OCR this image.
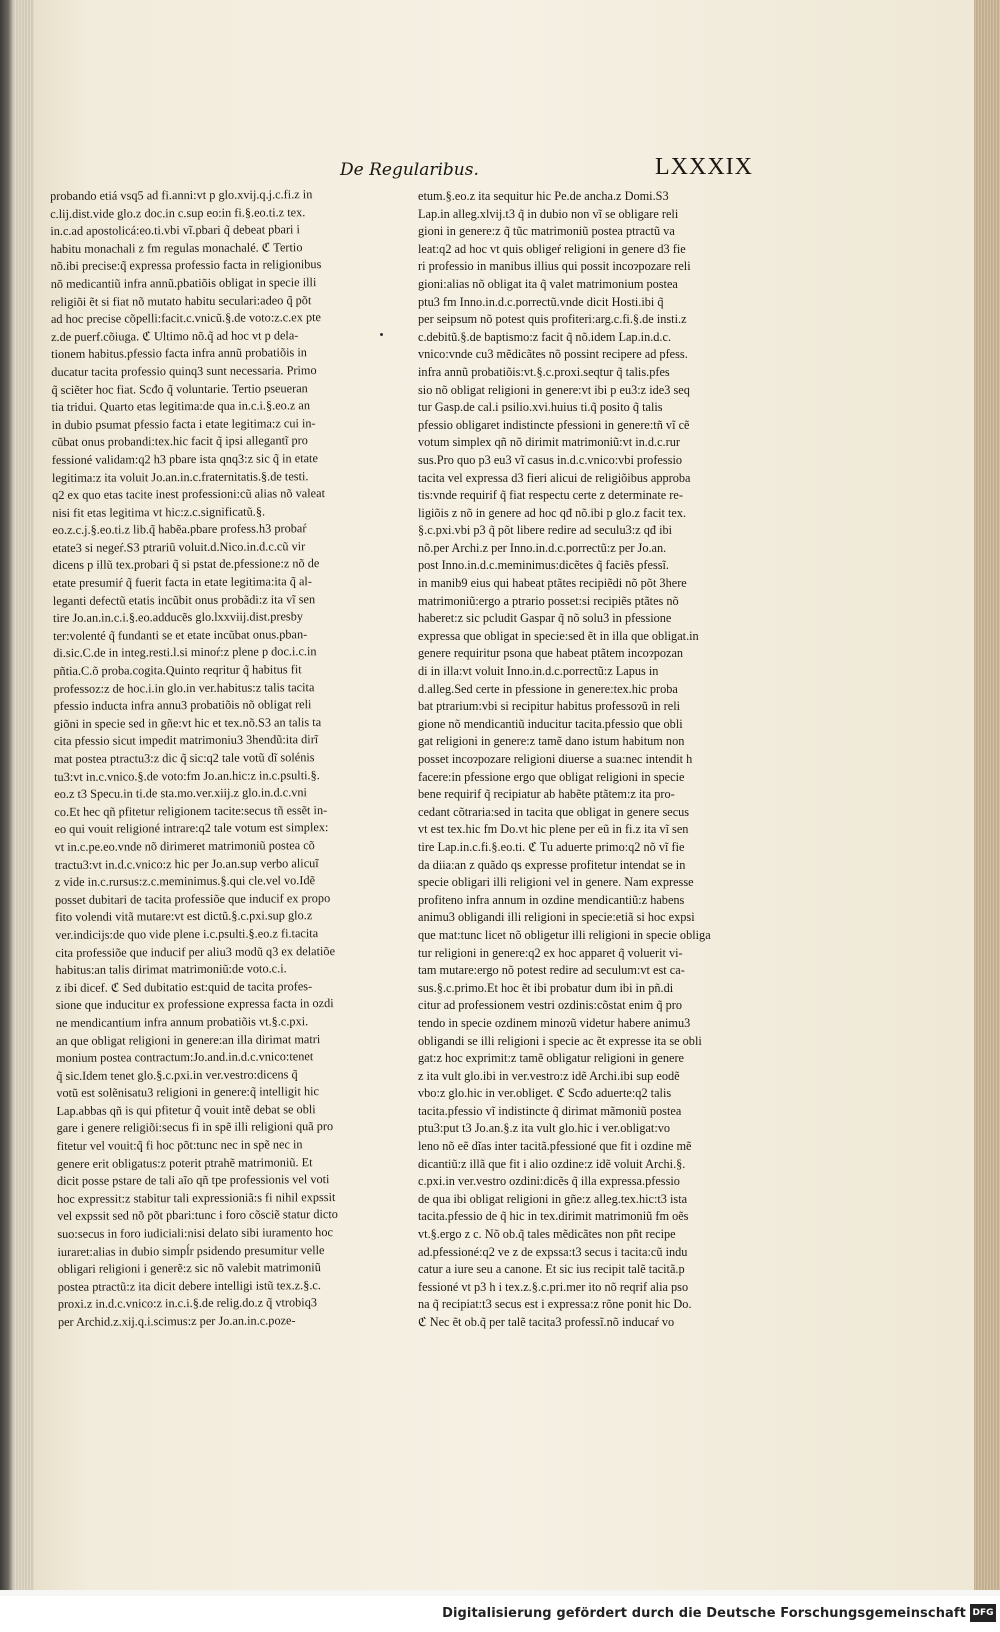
De Regularibus.	LXXXIX
probando etiá vsq5 ad fi.anni:vt p glo.xvij.q.j.c.fi.z in
c.lij.dist.vide glo.z doc.in c.sup eo:in fi.§.eo.ti.z tex.
in.c.ad apostolicá:eo.ti.vbi vĩ.pbari q̃ debeat pbari i
habitu monachali z fm regulas monachalé. ℭ Tertio
nõ.ibi precise:q̃ expressa professio facta in religionibus
nõ medicantiũ infra annũ.pbatiõis obligat in specie illi
religiõi ẽt si fiat nõ mutato habitu seculari:adeo q̃ põt
ad hoc precise cõpelli:facit.c.vnicũ.§.de voto:z.c.ex pte
z.de puerf.cõiuga. ℭ Ultimo nõ.q̃ ad hoc vt p dela-
tionem habitus.pfessio facta infra annũ probatiõis in
ducatur tacita professio quinq3 sunt necessaria. Primo
q̃ sciẽter hoc fiat. Scđo q̃ voluntarie. Tertio pseueran
tia tridui. Quarto etas legitima:de qua in.c.i.§.eo.z an
in dubio psumat pfessio facta i etate legitima:z cui in-
cũbat onus probandi:tex.hic facit q̃ ipsi allegantĩ pro
fessioné validam:q2 h3 pbare ista qnq3:z sic q̃ in etate
legitima:z ita voluit Jo.an.in.c.fraternitatis.§.de testi.
q2 ex quo etas tacite inest professioni:cũ alias nõ valeat
nisi fit etas legitima vt hic:z.c.significatũ.§.
eo.z.c.j.§.eo.ti.z lib.q̃ habẽa.pbare profess.h3 probaŕ
etate3 si negeŕ.S3 ptrariũ voluit.d.Nico.in.d.c.cũ vir
dicens p illũ tex.probari q̃ si pstat de.pfessione:z nõ de
etate presumiŕ q̃ fuerit facta in etate legitima:ita q̃ al-
leganti defectũ etatis incũbit onus probãdi:z ita vĩ sen
tire Jo.an.in.c.i.§.eo.adducẽs glo.lxxviij.dist.presby
ter:volenté q̃ fundanti se et etate incũbat onus.pban-
di.sic.C.de in integ.resti.l.si minoŕ:z plene p doc.i.c.in
pñtia.C.õ proba.cogita.Quinto reqritur q̃ habitus fit
professoz:z de hoc.i.in glo.in ver.habitus:z talis tacita
pfessio inducta infra annu3 probatiõis nõ obligat reli
giõni in specie sed in gñe:vt hic et tex.nõ.S3 an talis ta
cita pfessio sicut impedit matrimoniu3 3hendũ:ita dirĩ
mat postea ptractu3:z dic q̃ sic:q2 tale votũ dĩ solénis
tu3:vt in.c.vnico.§.de voto:fm Jo.an.hic:z in.c.psulti.§.
eo.z t3 Specu.in ti.de sta.mo.ver.xiij.z glo.in.d.c.vni
co.Et hec qñ pfitetur religionem tacite:secus tñ essẽt in-
eo qui vouit religioné intrare:q2 tale votum est simplex:
vt in.c.pe.eo.vnde nõ dirimeret matrimoniũ postea cõ
tractu3:vt in.d.c.vnico:z hic per Jo.an.sup verbo alicuĩ
z vide in.c.rursus:z.c.meminimus.§.qui cle.vel vo.Idẽ
posset dubitari de tacita professiõe que inducif ex propo
fito volendi vitã mutare:vt est dictũ.§.c.pxi.sup glo.z
ver.indicijs:de quo vide plene i.c.psulti.§.eo.z fi.tacita
cita professiõe que inducif per aliu3 modũ q3 ex delatiõe
habitus:an talis dirimat matrimoniũ:de voto.c.i.
z ibi dicef. ℭ Sed dubitatio est:quid de tacita profes-
sione que inducitur ex professione expressa facta in ozdi
ne mendicantium infra annum probatiõis vt.§.c.pxi.
an que obligat religioni in genere:an illa dirimat matri
monium postea contractum:Jo.and.in.d.c.vnico:tenet
q̃ sic.Idem tenet glo.§.c.pxi.in ver.vestro:dicens q̃
votũ est solẽnisatu3 religioni in genere:q̃ intelligit hic
Lap.abbas qñ is qui pfitetur q̃ vouit intẽ debat se obli
gare i genere religiõi:secus fi in spẽ illi religioni quã pro
fitetur vel vouit:q̃ fi hoc põt:tunc nec in spẽ nec in
genere erit obligatus:z poterit ptrahẽ matrimoniũ. Et
dicit posse pstare de tali aĩo qñ tpe professionis vel voti
hoc expressit:z stabitur tali expressioniã:s fi nihil expssit
vel expssit sed nõ põt pbari:tunc i foro cõsciẽ statur dicto
suo:secus in foro iudiciali:nisi delato sibi iuramento hoc
iuraret:alias in dubio simpĺr psidendo presumitur velle
obligari religioni i generẽ:z sic nõ valebit matrimoniũ
postea ptractũ:z ita dicit debere intelligi istũ tex.z.§.c.
proxi.z in.d.c.vnico:z in.c.i.§.de relig.do.z q̃ vtrobiq3
per Archid.z.xij.q.i.scimus:z per Jo.an.in.c.poze-
etum.§.eo.z ita sequitur hic Pe.de ancha.z Domi.S3
Lap.in alleg.xlvij.t3 q̃ in dubio non vĩ se obligare reli
gioni in genere:z q̃ tũc matrimoniũ postea ptractũ va
leat:q2 ad hoc vt quis obligeŕ religioni in genere d3 fie
ri professio in manibus illius qui possit incoɂpozare reli
gioni:alias nõ obligat ita q̃ valet matrimonium postea
ptu3 fm Inno.in.d.c.porrectũ.vnde dicit Hosti.ibi q̃
per seipsum nõ potest quis profiteri:arg.c.fi.§.de insti.z
c.debitũ.§.de baptismo:z facit q̃ nõ.idem Lap.in.d.c.
vnico:vnde cu3 mẽdicãtes nõ possint recipere ad pfess.
infra annũ probatiõis:vt.§.c.proxi.seqtur q̃ talis.pfes
sio nõ obligat religioni in genere:vt ibi p eu3:z ide3 seq
tur Gasp.de cal.i psilio.xvi.huius ti.q̃ posito q̃ talis
pfessio obligaret indistincte pfessioni in genere:tñ vĩ cẽ
votum simplex qñ nõ dirimit matrimoniũ:vt in.d.c.rur
sus.Pro quo p3 eu3 vĩ casus in.d.c.vnico:vbi professio
tacita vel expressa d3 fieri alicui de religiõibus approba
tis:vnde requirif q̃ fiat respectu certe z determinate re-
ligiõis z nõ in genere ad hoc qđ nõ.ibi p glo.z facit tex.
§.c.pxi.vbi p3 q̃ põt libere redire ad seculu3:z qđ ibi
nõ.per Archi.z per Inno.in.d.c.porrectũ:z per Jo.an.
post Inno.in.d.c.meminimus:dicẽtes q̃ faciẽs pfessĩ.
in manib9 eius qui habeat ptãtes recipiẽdi nõ põt 3here
matrimoniũ:ergo a ptrario posset:si recipiẽs ptãtes nõ
haberet:z sic pcludit Gaspar q̃ nõ solu3 in pfessione
expressa que obligat in specie:sed ẽt in illa que obligat.in
genere requiritur psona que habeat ptãtem incoɂpozan
di in illa:vt voluit Inno.in.d.c.porrectũ:z Lapus in
d.alleg.Sed certe in pfessione in genere:tex.hic proba
bat ptrarium:vbi si recipitur habitus professoɂũ in reli
gione nõ mendicantiũ inducitur tacita.pfessio que obli
gat religioni in genere:z tamẽ dano istum habitum non
posset incoɂpozare religioni diuerse a sua:nec intendit h
facere:in pfessione ergo que obligat religioni in specie
bene requirif q̃ recipiatur ab habẽte ptãtem:z ita pro-
cedant cõtraria:sed in tacita que obligat in genere secus
vt est tex.hic fm Do.vt hic plene per eũ in fi.z ita vĩ sen
tire Lap.in.c.fi.§.eo.ti. ℭ Tu aduerte primo:q2 nõ vĩ fie
da diia:an z quãdo qs expresse profitetur intendat se in
specie obligari illi religioni vel in genere. Nam expresse
profiteno infra annum in ozdine mendicantiũ:z habens
animu3 obligandi illi religioni in specie:etiã si hoc expsi
que mat:tunc licet nõ obligetur illi religioni in specie obliga
tur religioni in genere:q2 ex hoc apparet q̃ voluerit vi-
tam mutare:ergo nõ potest redire ad seculum:vt est ca-
sus.§.c.primo.Et hoc ẽt ibi probatur dum ibi in pñ.di
citur ad professionem vestri ozdinis:cõstat enim q̃ pro
tendo in specie ozdinem minoɂũ videtur habere animu3
obligandi se illi religioni i specie ac ẽt expresse ita se obli
gat:z hoc exprimit:z tamẽ obligatur religioni in genere
z ita vult glo.ibi in ver.vestro:z idẽ Archi.ibi sup eodẽ
vbo:z glo.hic in ver.obliget. ℭ Scđo aduerte:q2 talis
tacita.pfessio vĩ indistincte q̃ dirimat mãmoniũ postea
ptu3:put t3 Jo.an.§.z ita vult glo.hic i ver.obligat:vo
leno nõ eẽ dĩas inter tacitã.pfessioné que fit i ozdine mẽ
dicantiũ:z illã que fit i alio ozdine:z idẽ voluit Archi.§.
c.pxi.in ver.vestro ozdini:dicẽs q̃ illa expressa.pfessio
de qua ibi obligat religioni in gñe:z alleg.tex.hic:t3 ista
tacita.pfessio de q̃ hic in tex.dirimit matrimoniũ fm oẽs
vt.§.ergo z c. Nõ ob.q̃ tales mẽdicãtes non pñt recipe
ad.pfessioné:q2 ve z de expssa:t3 secus i tacita:cũ indu
catur a iure seu a canone. Et sic ius recipit talẽ tacitã.p
fessioné vt p3 h i tex.z.§.c.pri.mer ito nõ reqrif alia pso
na q̃ recipiat:t3 secus est i expressa:z rõne ponit hic Do.
ℭ Nec ẽt ob.q̃ per talẽ tacita3 professĩ.nõ inducaŕ vo
Digitalisierung gefördert durch die Deutsche Forschungsgemeinschaft DFG
